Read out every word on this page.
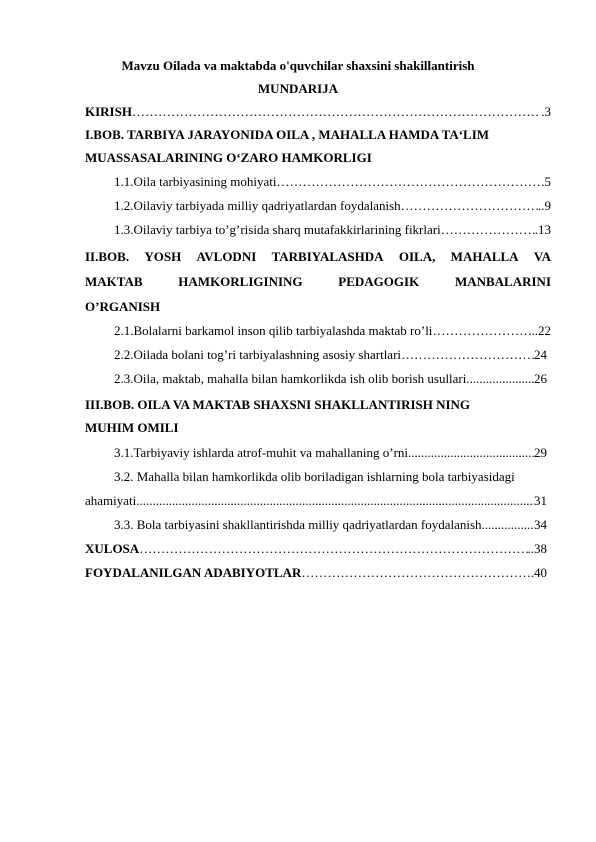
Mavzu Oilada va maktabda o'quvchilar shaxsini shakillantirish
MUNDARIJA
KIRISH …………………………………………………………………………………………………………………………………………	.3
I.BOB. TARBIYA JARAYONIDA OILA , MAHALLA HAMDA TA‘LIM
MUASSASALARINING O‘ZARO HAMKORLIGI
1.1.Oila tarbiyasining mohiyati …………………………………………………………………………………………………………………………………………	.5
1.2.Oilaviy tarbiyada milliy qadriyatlardan foydalanish …………………………………………………………………………………………………………………………………………	..9
1.3.Oilaviy tarbiya to’g’risida sharq mutafakkirlarining fikrlari …………………………………………………………………………………………………………………………………………	.13
II.BOB. YOSH AVLODNI TARBIYALASHDA OILA, MAHALLA VA
MAKTAB	HAMKORLIGINING	PEDAGOGIK	MANBALARINI
O’RGANISH
2.1.Bolalarni barkamol inson qilib tarbiyalashda maktab ro’li …………………………………………………………………………………………………………………………………………	..22
2.2.Oilada bolani tog’ri tarbiyalashning asosiy shartlari …………………………………………………………………………………………………………………………………………	24
2.3.Oila, maktab, mahalla bilan hamkorlikda ish olib borish usullari .....	26
III.BOB. OILA VA MAKTAB SHAXSNI SHAKLLANTIRISH NING
MUHIM OMILI
3.1.Tarbiyaviy ishlarda atrof-muhit va mahallaning o’rni .....	29
3.2. Mahalla bilan hamkorlikda olib boriladigan ishlarning bola tarbiyasidagi
ahamiyati .....	31
3.3. Bola tarbiyasini shakllantirishda milliy qadriyatlardan foydalanish .....	34
XULOSA …………………………………………………………………………………………………………………………………………	..38
FOYDALANILGAN ADABIYOTLAR …………………………………………………………………………………………………………………………………………	.40
